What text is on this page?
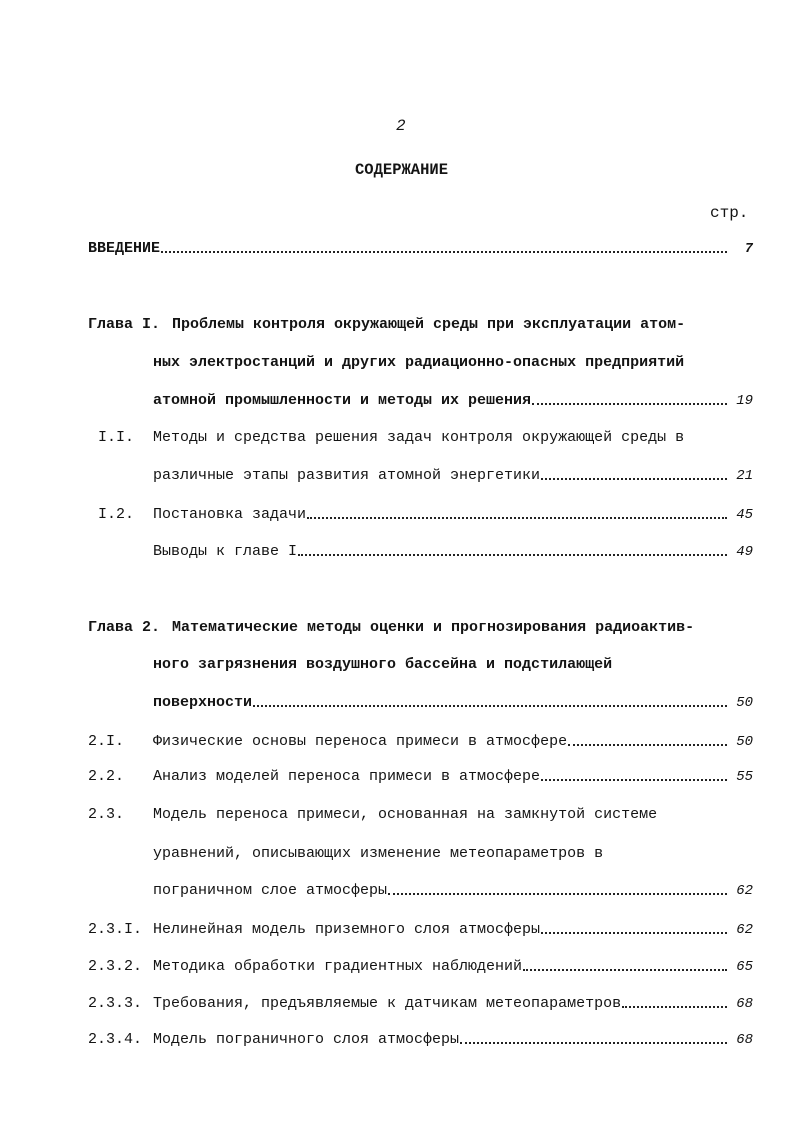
2
СОДЕРЖАНИЕ
стр.
ВВЕДЕНИЕ	7
Глава I. Проблемы контроля окружающей среды при эксплуатации атом-
ных электростанций и других радиационно-опасных предприятий
атомной промышленности и методы их решения	19
I.I. Методы и средства решения задач контроля окружающей среды в
различные этапы развития атомной энергетики	21
I.2. Постановка задачи	45
Выводы к главе I	49
Глава 2. Математические методы оценки и прогнозирования радиоактив-
ного загрязнения воздушного бассейна и подстилающей
поверхности	50
2.I. Физические основы переноса примеси в атмосфере	50
2.2. Анализ моделей переноса примеси в атмосфере	55
2.3. Модель переноса примеси, основанная на замкнутой системе
уравнений, описывающих изменение метеопараметров в
пограничном слое атмосферы	62
2.3.I. Нелинейная модель приземного слоя атмосферы	62
2.3.2. Методика обработки градиентных наблюдений	65
2.3.3. Требования, предъявляемые к датчикам метеопараметров	68
2.3.4. Модель пограничного слоя атмосферы	68
